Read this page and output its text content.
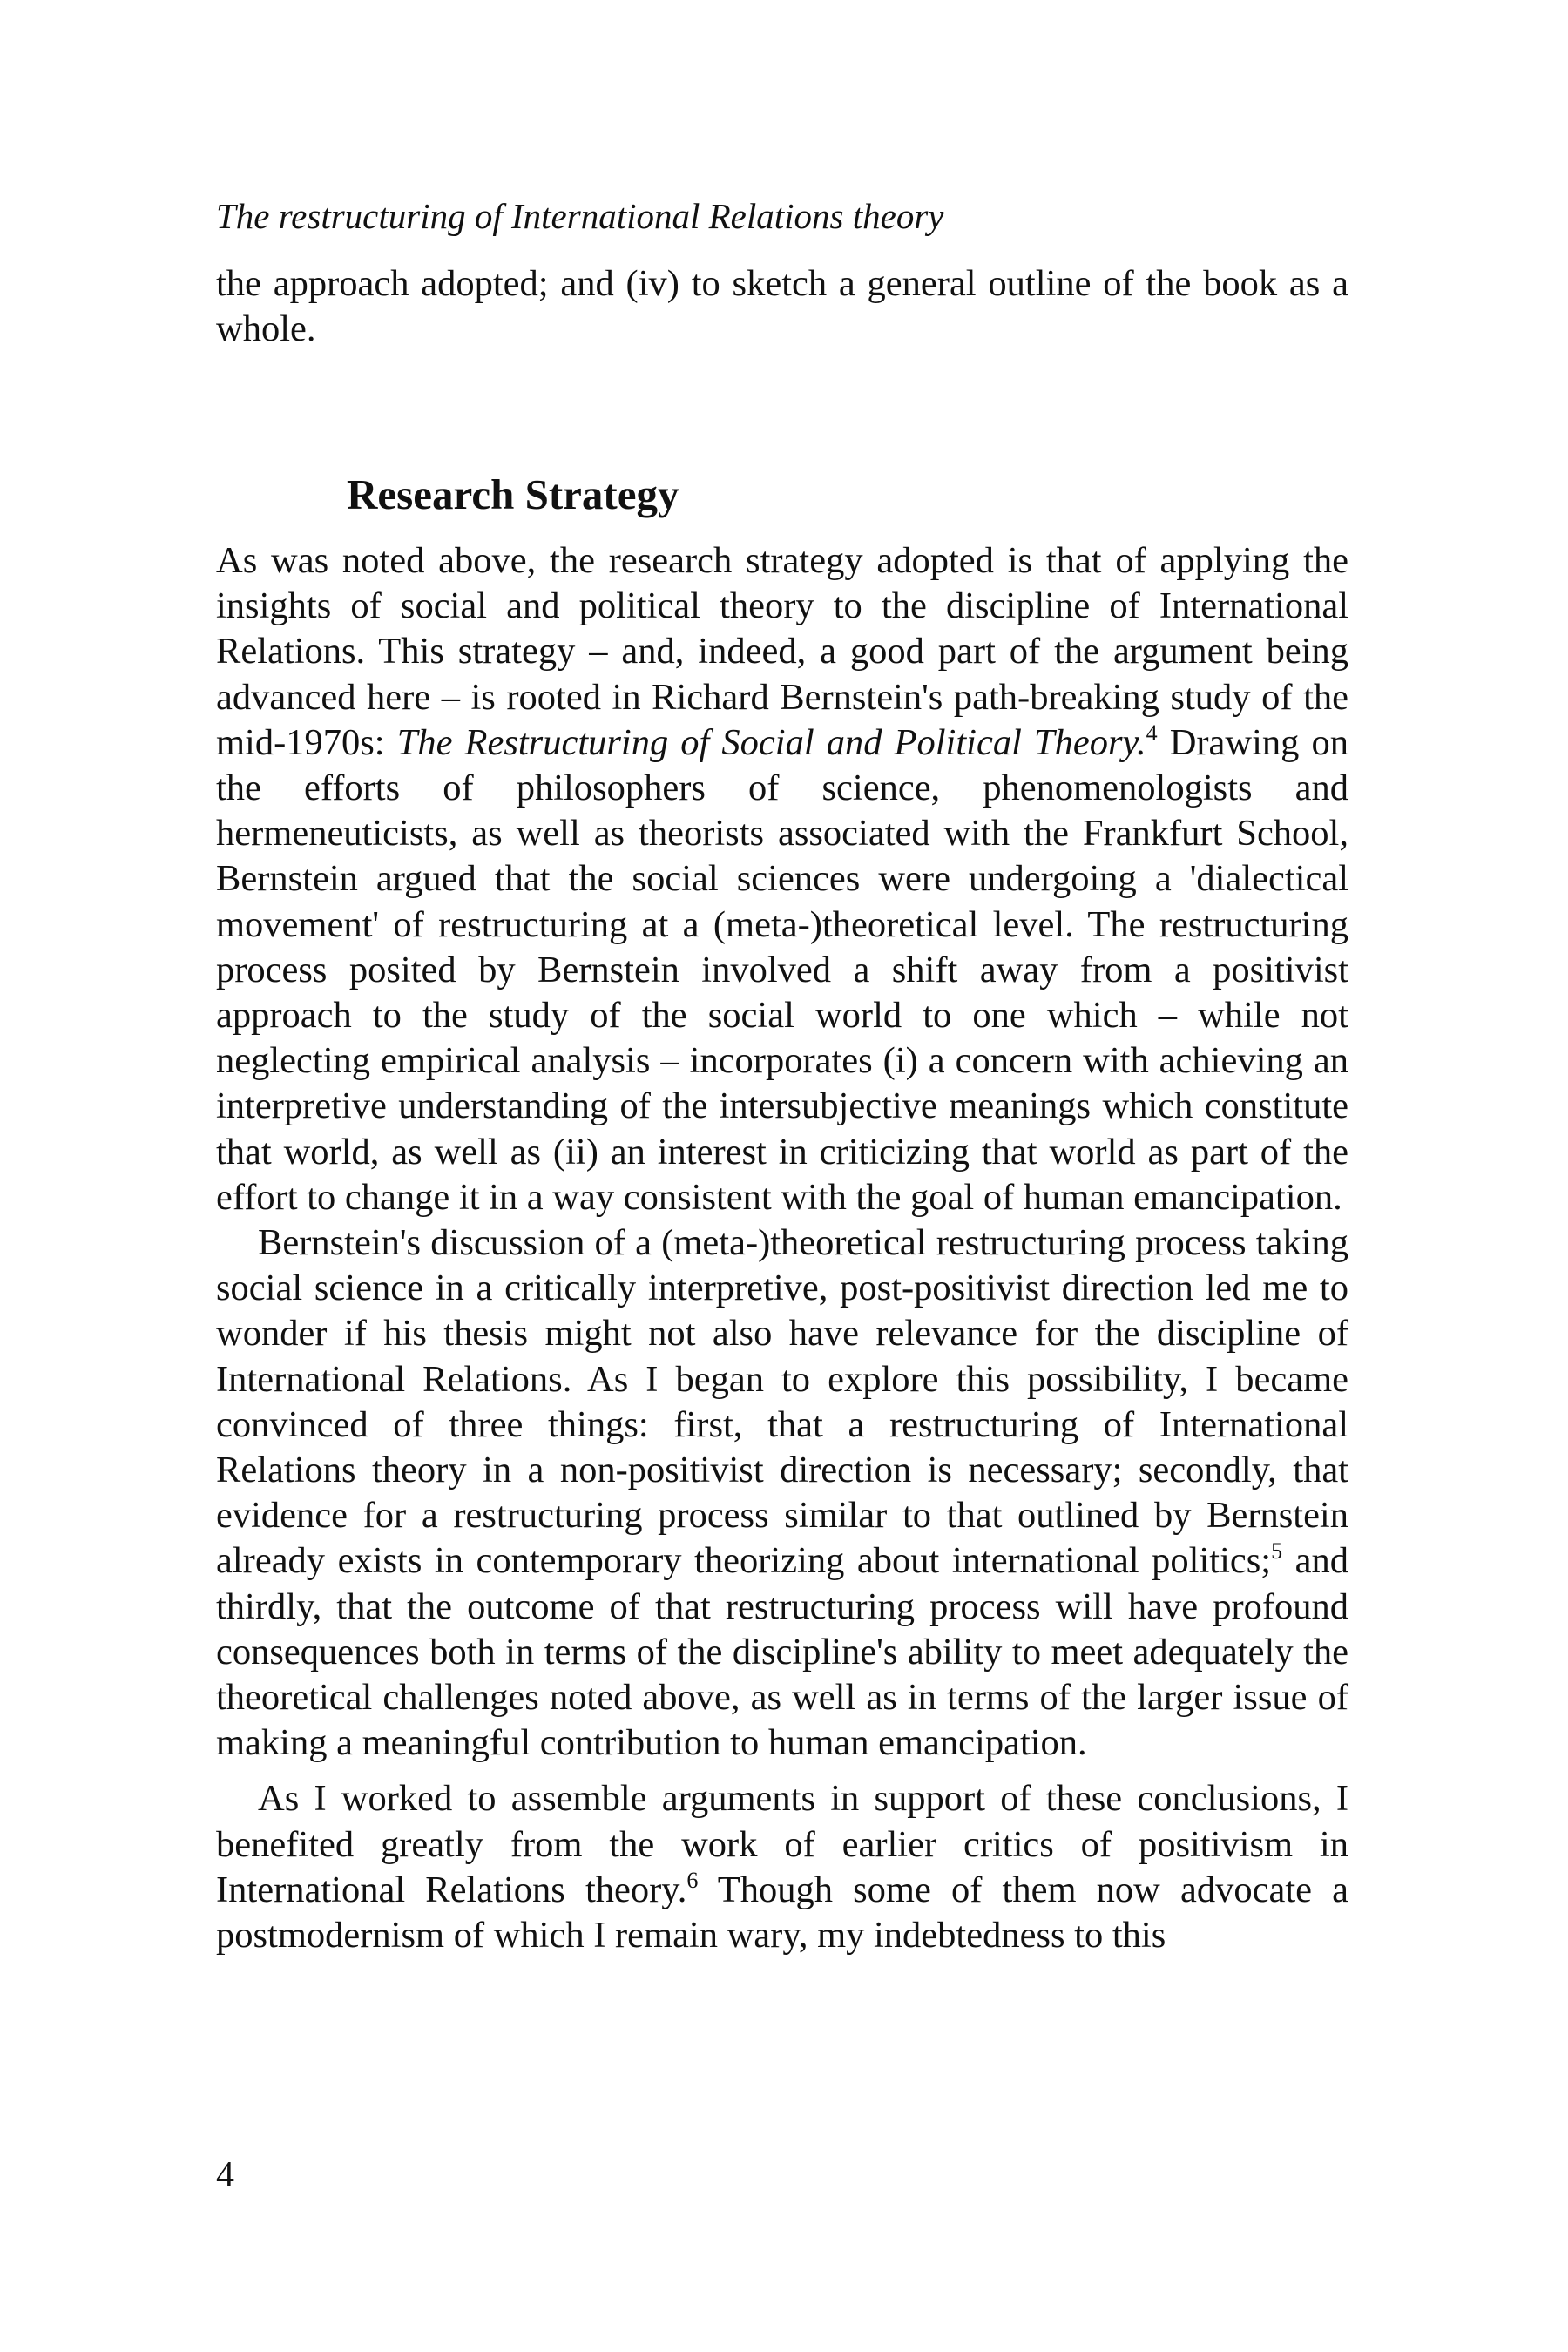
The restructuring of International Relations theory

the approach adopted; and (iv) to sketch a general outline of the book as a whole.

Research Strategy

As was noted above, the research strategy adopted is that of applying the insights of social and political theory to the discipline of International Relations. This strategy – and, indeed, a good part of the argument being advanced here – is rooted in Richard Bernstein's path-breaking study of the mid-1970s: The Restructuring of Social and Political Theory.$^4$ Drawing on the efforts of philosophers of science, phenomenologists and hermeneuticists, as well as theorists associated with the Frankfurt School, Bernstein argued that the social sciences were undergoing a 'dialectical movement' of restructuring at a (meta-)theoretical level. The restructuring process posited by Bernstein involved a shift away from a positivist approach to the study of the social world to one which – while not neglecting empirical analysis – incorporates (i) a concern with achieving an interpretive understanding of the intersubjective meanings which constitute that world, as well as (ii) an interest in criticizing that world as part of the effort to change it in a way consistent with the goal of human emancipation.

Bernstein's discussion of a (meta-)theoretical restructuring process taking social science in a critically interpretive, post-positivist direction led me to wonder if his thesis might not also have relevance for the discipline of International Relations. As I began to explore this possibility, I became convinced of three things: first, that a restructuring of International Relations theory in a non-positivist direction is necessary; secondly, that evidence for a restructuring process similar to that outlined by Bernstein already exists in contemporary theorizing about international politics;$^5$ and thirdly, that the outcome of that restructuring process will have profound consequences both in terms of the discipline's ability to meet adequately the theoretical challenges noted above, as well as in terms of the larger issue of making a meaningful contribution to human emancipation.

As I worked to assemble arguments in support of these conclusions, I benefited greatly from the work of earlier critics of positivism in International Relations theory.$^6$ Though some of them now advocate a postmodernism of which I remain wary, my indebtedness to this

4
